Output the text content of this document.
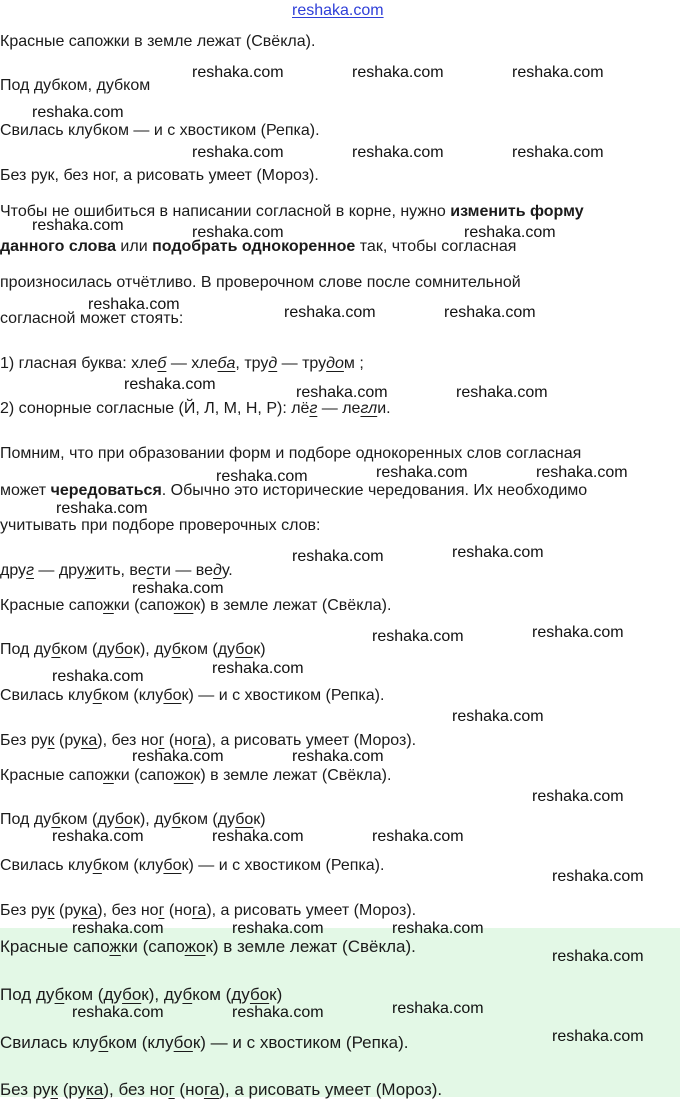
reshaka.com
Красные сапожки в земле лежат (Свёкла).
Под дубком, дубком
Свилась клубком — и с хвостиком (Репка).
Без рук, без ног, а рисовать умеет (Мороз).
Чтобы не ошибиться в написании согласной в корне, нужно изменить форму
данного слова или подобрать однокоренное так, чтобы согласная
произносилась отчётливо. В проверочном слове после сомнительной
согласной может стоять:
1) гласная буква: хлеб — хлеба, труд — трудом ;
2) сонорные согласные (Й, Л, М, Н, Р): лёг — легли.
Помним, что при образовании форм и подборе однокоренных слов согласная
может чередоваться. Обычно это исторические чередования. Их необходимо
учитывать при подборе проверочных слов:
друг — дружить, вести — веду.
Красные сапожки (сапожок) в земле лежат (Свёкла).
Под дубком (дубок), дубком (дубок)
Свилась клубком (клубок) — и с хвостиком (Репка).
Без рук (рука), без ног (нога), а рисовать умеет (Мороз).
Красные сапожки (сапожок) в земле лежат (Свёкла).
Под дубком (дубок), дубком (дубок)
Свилась клубком (клубок) — и с хвостиком (Репка).
Без рук (рука), без ног (нога), а рисовать умеет (Мороз).
Красные сапожки (сапожок) в земле лежат (Свёкла).
Под дубком (дубок), дубком (дубок)
Свилась клубком (клубок) — и с хвостиком (Репка).
Без рук (рука), без ног (нога), а рисовать умеет (Мороз).
reshaka.com	reshaka.com	reshaka.com
reshaka.com
reshaka.com	reshaka.com	reshaka.com
reshaka.com	reshaka.com	reshaka.com
reshaka.com	reshaka.com	reshaka.com
reshaka.com	reshaka.com	reshaka.com
reshaka.com	reshaka.com	reshaka.com
reshaka.com
reshaka.com	reshaka.com
reshaka.com
reshaka.com	reshaka.com
reshaka.com
reshaka.com
reshaka.com
reshaka.com	reshaka.com
reshaka.com
reshaka.com	reshaka.com	reshaka.com
reshaka.com
reshaka.com	reshaka.com	reshaka.com
reshaka.com
reshaka.com
reshaka.com	reshaka.com
reshaka.com
